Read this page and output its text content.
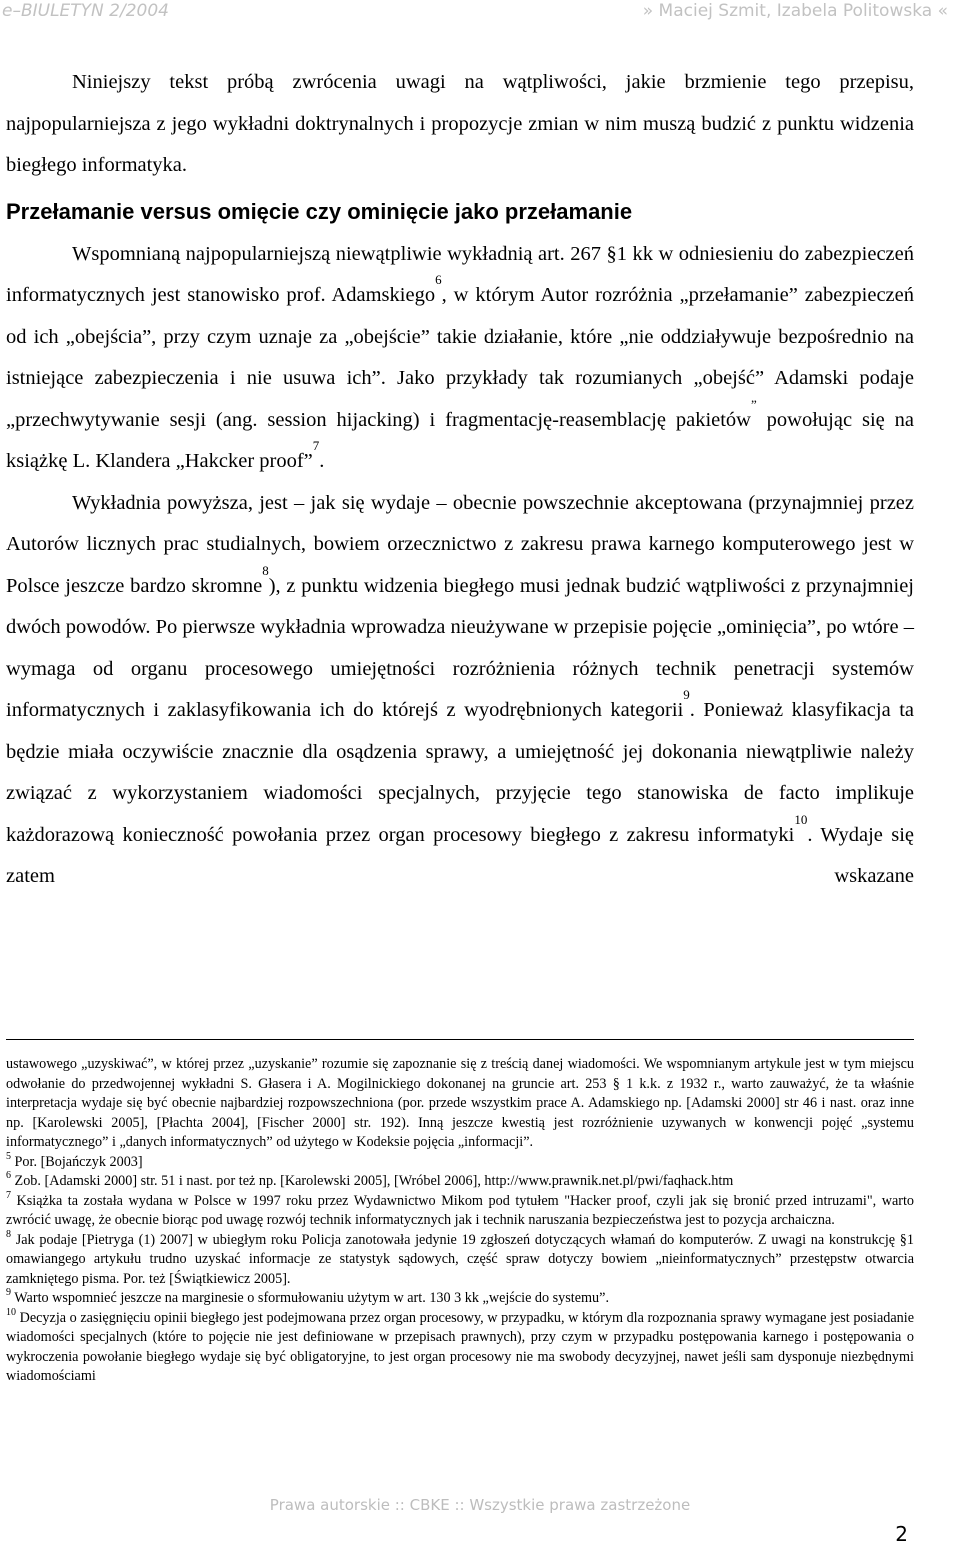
e–BIULETYN 2/2004	» Maciej Szmit, Izabela Politowska «

Niniejszy tekst próbą zwrócenia uwagi na wątpliwości, jakie brzmienie tego przepisu, najpopularniejsza z jego wykładni doktrynalnych i propozycje zmian w nim muszą budzić z punktu widzenia biegłego informatyka.

Przełamanie versus omięcie czy ominięcie jako przełamanie

Wspomnianą najpopularniejszą niewątpliwie wykładnią art. 267 §1 kk w odniesieniu do zabezpieczeń informatycznych jest stanowisko prof. Adamskiego$^6$, w którym Autor rozróżnia „przełamanie” zabezpieczeń od ich „obejścia”, przy czym uznaje za „obejście” takie działanie, które „nie oddziaływuje bezpośrednio na istniejące zabezpieczenia i nie usuwa ich”. Jako przykłady tak rozumianych „obejść” Adamski podaje „przechwytywanie sesji (ang. session hijacking) i fragmentację-reasemblację pakietów” powołując się na książkę L. Klandera „Hakcker proof”$^7$.

Wykładnia powyższa, jest – jak się wydaje – obecnie powszechnie akceptowana (przynajmniej przez Autorów licznych prac studialnych, bowiem orzecznictwo z zakresu prawa karnego komputerowego jest w Polsce jeszcze bardzo skromne$^8$), z punktu widzenia biegłego musi jednak budzić wątpliwości z przynajmniej dwóch powodów. Po pierwsze wykładnia wprowadza nieużywane w przepisie pojęcie „ominięcia”, po wtóre – wymaga od organu procesowego umiejętności rozróżnienia różnych technik penetracji systemów informatycznych i zaklasyfikowania ich do którejś z wyodrębnionych kategorii$^9$. Ponieważ klasyfikacja ta będzie miała oczywiście znacznie dla osądzenia sprawy, a umiejętność jej dokonania niewątpliwie należy związać z wykorzystaniem wiadomości specjalnych, przyjęcie tego stanowiska de facto implikuje każdorazową konieczność powołania przez organ procesowy biegłego z zakresu informatyki$^{10}$. Wydaje się zatem wskazane

ustawowego „uzyskiwać”, w której przez „uzyskanie” rozumie się zapoznanie się z treścią danej wiadomości. We wspomnianym artykule jest w tym miejscu odwołanie do przedwojennej wykładni S. Głasera i A. Mogilnickiego dokonanej na gruncie art. 253 § 1 k.k. z 1932 r., warto zauważyć, że ta właśnie interpretacja wydaje się być obecnie najbardziej rozpowszechniona (por. przede wszystkim prace A. Adamskiego np. [Adamski 2000] str 46 i nast. oraz inne np. [Karolewski 2005], [Płachta 2004], [Fischer 2000] str. 192). Inną jeszcze kwestią jest rozróżnienie uzywanych w konwencji pojęć „systemu informatycznego” i „danych informatycznych” od użytego w Kodeksie pojęcia „informacji”.

$^5$ Por. [Bojańczyk 2003]

$^6$ Zob. [Adamski 2000] str. 51 i nast. por też np. [Karolewski 2005], [Wróbel 2006], http://www.prawnik.net.pl/pwi/faqhack.htm

$^7$ Książka ta została wydana w Polsce w 1997 roku przez Wydawnictwo Mikom pod tytułem "Hacker proof, czyli jak się bronić przed intruzami", warto zwrócić uwagę, że obecnie biorąc pod uwagę rozwój technik informatycznych jak i technik naruszania bezpieczeństwa jest to pozycja archaiczna.

$^8$ Jak podaje [Pietryga (1) 2007] w ubiegłym roku Policja zanotowała jedynie 19 zgłoszeń dotyczących włamań do komputerów. Z uwagi na konstrukcję §1 omawiangego artykułu trudno uzyskać informacje ze statystyk sądowych, część spraw dotyczy bowiem „nieinformatycznych” przestępstw otwarcia zamkniętego pisma. Por. też [Świątkiewicz 2005].

$^9$ Warto wspomnieć jeszcze na marginesie o sformułowaniu użytym w art. 130 3 kk „wejście do systemu”.

$^{10}$ Decyzja o zasięgnięciu opinii biegłego jest podejmowana przez organ procesowy, w przypadku, w którym dla rozpoznania sprawy wymagane jest posiadanie wiadomości specjalnych (które to pojęcie nie jest definiowane w przepisach prawnych), przy czym w przypadku postępowania karnego i postępowania o wykroczenia powołanie biegłego wydaje się być obligatoryjne, to jest organ procesowy nie ma swobody decyzyjnej, nawet jeśli sam dysponuje niezbędnymi wiadomościami

Prawa autorskie :: CBKE :: Wszystkie prawa zastrzeżone
2
